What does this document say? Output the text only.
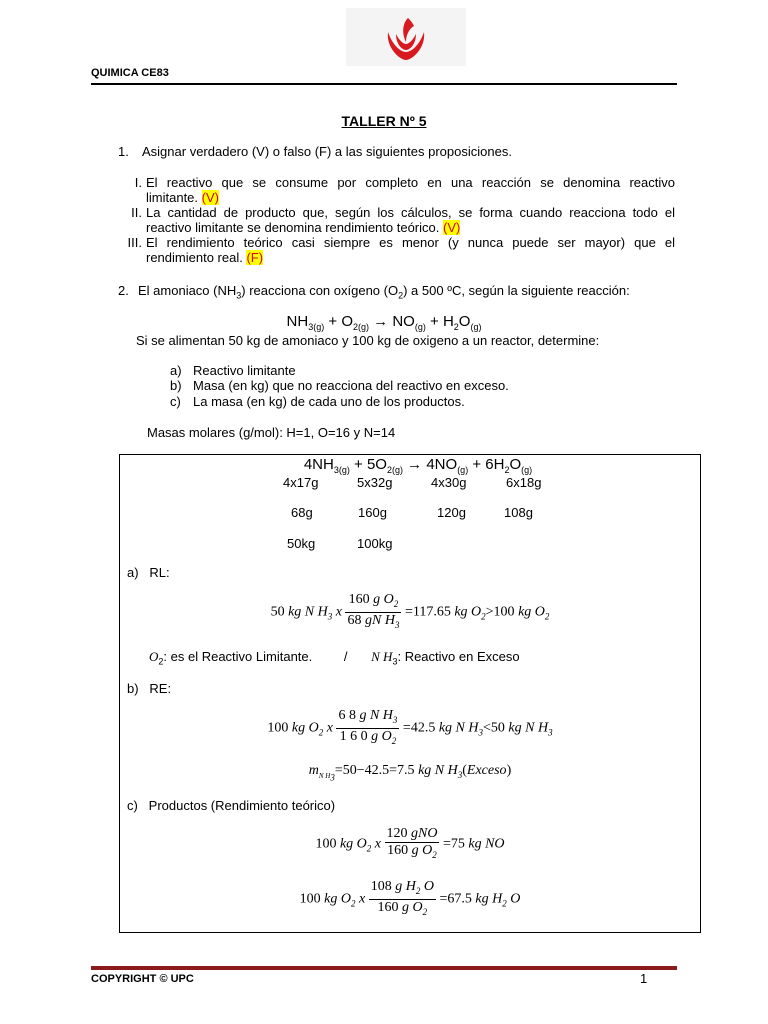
QUIMICA CE83
TALLER Nº 5
1. Asignar verdadero (V) o falso (F) a las siguientes proposiciones.
I. El reactivo que se consume por completo en una reacción se denomina reactivo
limitante. (V)
II. La cantidad de producto que, según los cálculos, se forma cuando reacciona todo el
reactivo limitante se denomina rendimiento teórico. (V)
III. El rendimiento teórico casi siempre es menor (y nunca puede ser mayor) que el
rendimiento real. (F)
2. El amoniaco $(NH_3)$ reacciona con oxígeno $(O_2)$ a 500 ºC, según la siguiente reacción:
$NH_{3(g)} + O_{2(g)} \to NO_{(g)} + H_2O_{(g)}$
Si se alimentan 50 kg de amoniaco y 100 kg de oxigeno a un reactor, determine:
a) Reactivo limitante
b) Masa (en kg) que no reacciona del reactivo en exceso.
c) La masa (en kg) de cada uno de los productos.
Masas molares (g/mol): H=1, O=16 y N=14
$4NH_{3(g)} + 5O_{2(g)} \to 4NO_{(g)} + 6H_2O_{(g)}$
4x17g	5x32g	4x30g	6x18g
68g	160g	120g	108g
50kg	100kg
a)   RL:
50 kg N $H_3$ x $\frac{160 g O_2}{68 gN H_3} =117.65$ kg $O_2>100$ kg $O_2$
$O_2$: es el Reactivo Limitante. / N $H_3$: Reactivo en Exceso
b)   RE:
100 kg $O_2$ x $\frac{6 8 g N H_3}{1 6 0 g O_2} =42.5$ kg N $H_3<50$ kg N $H_3$
$m_{N H_3}=50-42.5=7.5$ kg N $H_3(Exceso)$
c)   Productos (Rendimiento teórico)
100 kg $O_2$ x $\frac{\text{120 gNO}}{160 g O_2} =75$ kg NO
100 kg $O_2$ x $\frac{108 g H_2 O}{160 g O_2} =67.5$ kg $H_2$ O
COPYRIGHT © UPC	1
